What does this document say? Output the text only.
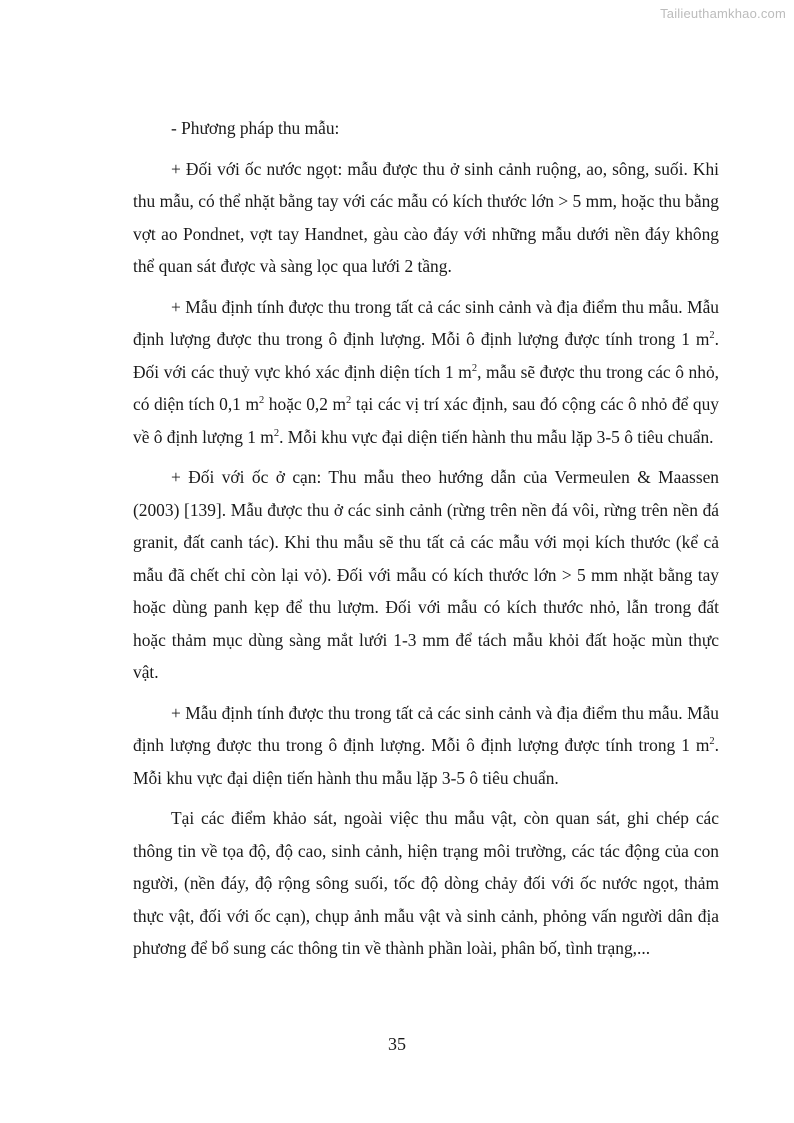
Tailieuthamkhao.com

- Phương pháp thu mẫu:

+ Đối với ốc nước ngọt: mẫu được thu ở sinh cảnh ruộng, ao, sông, suối. Khi thu mẫu, có thể nhặt bằng tay với các mẫu có kích thước lớn > 5 mm, hoặc thu bằng vợt ao Pondnet, vợt tay Handnet, gàu cào đáy với những mẫu dưới nền đáy không thể quan sát được và sàng lọc qua lưới 2 tầng.

+ Mẫu định tính được thu trong tất cả các sinh cảnh và địa điểm thu mẫu. Mẫu định lượng được thu trong ô định lượng. Mỗi ô định lượng được tính trong 1 $m^2$. Đối với các thuỷ vực khó xác định diện tích 1 $m^2$, mẫu sẽ được thu trong các ô nhỏ, có diện tích 0,1 $m^2$ hoặc 0,2 $m^2$ tại các vị trí xác định, sau đó cộng các ô nhỏ để quy về ô định lượng 1 $m^2$. Mỗi khu vực đại diện tiến hành thu mẫu lặp 3-5 ô tiêu chuẩn.

+ Đối với ốc ở cạn: Thu mẫu theo hướng dẫn của Vermeulen & Maassen (2003) [139]. Mẫu được thu ở các sinh cảnh (rừng trên nền đá vôi, rừng trên nền đá granit, đất canh tác). Khi thu mẫu sẽ thu tất cả các mẫu với mọi kích thước (kể cả mẫu đã chết chỉ còn lại vỏ). Đối với mẫu có kích thước lớn > 5 mm nhặt bằng tay hoặc dùng panh kẹp để thu lượm. Đối với mẫu có kích thước nhỏ, lẫn trong đất hoặc thảm mục dùng sàng mắt lưới 1-3 mm để tách mẫu khỏi đất hoặc mùn thực vật.

+ Mẫu định tính được thu trong tất cả các sinh cảnh và địa điểm thu mẫu. Mẫu định lượng được thu trong ô định lượng. Mỗi ô định lượng được tính trong 1 $m^2$. Mỗi khu vực đại diện tiến hành thu mẫu lặp 3-5 ô tiêu chuẩn.

Tại các điểm khảo sát, ngoài việc thu mẫu vật, còn quan sát, ghi chép các thông tin về tọa độ, độ cao, sinh cảnh, hiện trạng môi trường, các tác động của con người, (nền đáy, độ rộng sông suối, tốc độ dòng chảy đối với ốc nước ngọt, thảm thực vật, đối với ốc cạn), chụp ảnh mẫu vật và sinh cảnh, phỏng vấn người dân địa phương để bổ sung các thông tin về thành phần loài, phân bố, tình trạng,...

35
